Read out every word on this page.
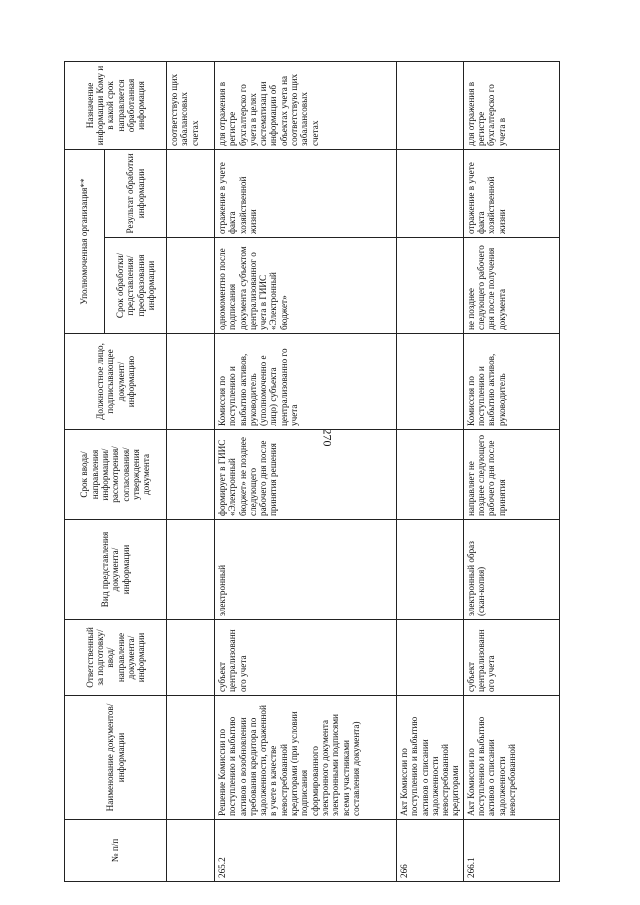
270
№ п/п	Наименование документов/информации	Ответственный за подготовку/ ввод/ направление документа/ информации	Вид представления документа/ информации	Срок ввода/ направления информации/ рассмотрения/ согласования/ утверждения документа	Должностное лицо, подписывающее документ/ информацию	Уполномоченная организация**		Назначение информации Кому и в какой срок направляется обработанная информация
						Срок обработки/ представления/ преобразования информации	Результат обработки информации	
								соответствую щих забалансовых счетах
265.2	Решение Комиссии по поступлению и выбытию активов о возобновлении требования кредитора по задолженности, отраженной в учете в качестве невостребованной кредиторами (при условии подписания сформированного электронного документа электронными подписями всеми участниками составления документа)	субъект централизованн ого учета	электронный	формирует в ГИИС «Электронный бюджет» не позднее следующего рабочего дня после принятия решения	Комиссия по поступлению и выбытию активов, руководитель (уполномоченно е лицо) субъекта централизованно го учета	одномоментно после подписания документа субъектом централизованног о учета в ГИИС «Электронный бюджет»	отражение в учете факта хозяйственной жизни	для отражения в регистре бухгалтерско го учета в целях систематизац ии информации об объектах учета на соответствую щих забалансовых счетах
266	Акт Комиссии по поступлению и выбытию активов о списании задолженности невостребованной кредиторами							
266.1	Акт Комиссии по поступлению и выбытию активов о списании задолженности невостребованной	субъект централизованн ого учета	электронный образ (скан-копия)	направляет не позднее следующего рабочего дня после принятия	Комиссия по поступлению и выбытию активов, руководитель	не позднее следующего рабочего дня после получения документа	отражение в учете факта хозяйственной жизни	для отражения в регистре бухгалтерско го учета в
